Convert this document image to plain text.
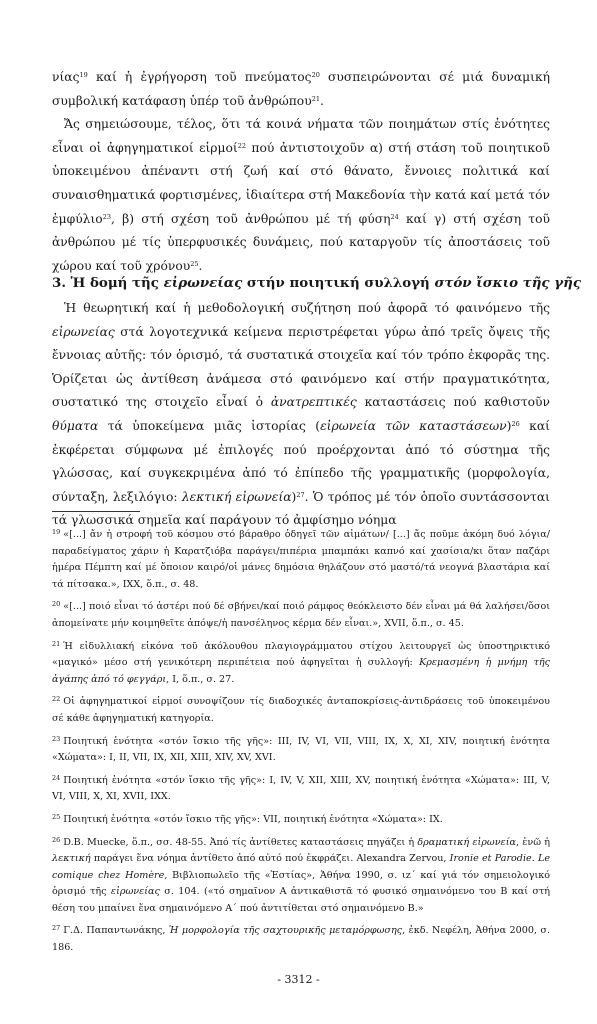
νίας$^{19}$ καί ἡ ἐγρήγορση τοῦ πνεύματος$^{20}$ συσπειρώνονται σέ μιά δυναμική συμβολική κατάφαση ὑπέρ τοῦ ἀνθρώπου$^{21}$.

Ἄς σημειώσουμε, τέλος, ὅτι τά κοινά νήματα τῶν ποιημάτων στίς ἑνότητες εἶναι οἱ ἀφηγηματικοί εἱρμοί$^{22}$ πού ἀντιστοιχοῦν α) στή στάση τοῦ ποιητικοῦ ὑποκειμένου ἀπέναντι στή ζωή καί στό θάνατο, ἔννοιες πολιτικά καί συναισθηματικά φορτισμένες, ἰδιαίτερα στή Μακεδονία τὴν κατά καί μετά τόν ἐμφύλιο$^{23}$, β) στή σχέση τοῦ ἀνθρώπου μέ τή φύση$^{24}$ καί γ) στή σχέση τοῦ ἀνθρώπου μέ τίς ὑπερφυσικές δυνάμεις, πού καταργοῦν τίς ἀποστάσεις τοῦ χώρου καί τοῦ χρόνου$^{25}$.

3. Ἡ δομή τῆς εἰρωνείας στήν ποιητική συλλογή στόν ἴσκιο τῆς γῆς

Ἡ θεωρητική καί ἡ μεθοδολογική συζήτηση πού ἀφορᾶ τό φαινόμενο τῆς εἰρωνείας στά λογοτεχνικά κείμενα περιστρέφεται γύρω ἀπό τρεῖς ὄψεις τῆς ἔννοιας αὐτῆς: τόν ὁρισμό, τά συστατικά στοιχεῖα καί τόν τρόπο ἐκφορᾶς της. Ὁρίζεται ὡς ἀντίθεση ἀνάμεσα στό φαινόμενο καί στήν πραγματικότητα, συστατικό της στοιχεῖο εἶναί ὁ ἀνατρεπτικές καταστάσεις πού καθιστοῦν θύματα τά ὑποκείμενα μιᾶς ἱστορίας (εἰρωνεία τῶν καταστάσεων)$^{26}$ καί ἐκφέρεται σύμφωνα μέ ἐπιλογές πού προέρχονται ἀπό τό σύστημα τῆς γλώσσας, καί συγκεκριμένα ἀπό τό ἐπίπεδο τῆς γραμματικῆς (μορφολογία, σύνταξη, λεξιλόγιο: λεκτική εἰρωνεία)$^{27}$. Ὁ τρόπος μέ τόν ὁποῖο συντάσσονται τά γλωσσικά σημεῖα καί παράγουν τό ἀμφίσημο νόημα

$^{19}$ «[...] ἄν ἡ στροφή τοῦ κόσμου στό βάραθρο ὁδηγεῖ τῶν αἱμάτων/ [...] ἄς ποῦμε ἀκόμη δυό λόγια/παραδείγματος χάριν ἡ Καρατζιόβα παράγει/πιπέρια μπαμπάκι καπνό καί χασίσια/κι ὅταν παζάρι ἡμέρα Πέμπτη καί μέ ὅποιον καιρό/οἱ μάνες δημόσια θηλάζουν στό μαστό/τά νεογνά βλαστάρια καί τά πίτσακα.», ΙΧΧ, ὅ.π., σ. 48.
$^{20}$ «[...] ποιό εἶναι τό ἀστέρι πού δέ σβήνει/καί ποιό ράμφος θεόκλειστο δέν εἶναι μά θά λαλήσει/ὅσοι ἀπομείνατε μήν κοιμηθεῖτε ἀπόψε/ἡ πανσέληνος κέρμα δέν εἶναι.», XVII, ὅ.π., σ. 45.
$^{21}$ Ἡ εἰδυλλιακή εἰκόνα τοῦ ἀκόλουθου πλαγιογράμματου στίχου λειτουργεῖ ὡς ὑποστηρικτικό «μαγικό» μέσο στή γενικότερη περιπέτεια πού ἀφηγεῖται ἡ συλλογή: Κρεμασμένη ἡ μνήμη τῆς ἀγάπης ἀπό τό φεγγάρι, I, ὅ.π., σ. 27.
$^{22}$ Οἱ ἀφηγηματικοί εἱρμοί συνοψίζουν τίς διαδοχικές ἀνταποκρίσεις-ἀντιδράσεις τοῦ ὑποκειμένου σέ κάθε ἀφηγηματική κατηγορία.
$^{23}$ Ποιητική ἑνότητα «στόν ἴσκιο τῆς γῆς»: III, IV, VI, VII, VIII, IX, X, XI, XIV, ποιητική ἑνότητα «Χώματα»: I, II, VII, IX, XII, XIII, XIV, XV, XVI.
$^{24}$ Ποιητική ἑνότητα «στόν ἴσκιο τῆς γῆς»: I, IV, V, XII, XIII, XV, ποιητική ἑνότητα «Χώματα»: III, V, VI, VIII, X, XI, XVII, IXX.
$^{25}$ Ποιητική ἑνότητα «στόν ἴσκιο τῆς γῆς»: VII, ποιητική ἑνότητα «Χώματα»: IX.
$^{26}$ D.B. Muecke, ὅ.π., σσ. 48-55. Ἀπό τίς ἀντίθετες καταστάσεις πηγάζει ἡ δραματική εἰρωνεία, ἐνῶ ἡ λεκτική παράγει ἕνα νόημα ἀντίθετο ἀπό αὐτό πού ἐκφράζει. Alexandra Zervou, Ironie et Parodie. Le comique chez Homère, Βιβλιοπωλεῖο τῆς «Ἑστίας», Ἀθήνα 1990, σ. ιz΄ καί γιά τόν σημειολογικό ὁρισμό τῆς εἰρωνείας σ. 104. («τό σημαῖνον Α ἀντικαθιστᾶ τό φυσικό σημαινόμενο του Β καί στή θέση του μπαίνει ἕνα σημαινόμενο Α΄ πού ἀντιτίθεται στό σημαινόμενο Β.»
$^{27}$ Γ.Δ. Παπαντωνάκης, Ἡ μορφολογία τῆς σαχτουρικῆς μεταμόρφωσης, ἐκδ. Νεφέλη, Ἀθήνα 2000, σ. 186.
- 3312 -
